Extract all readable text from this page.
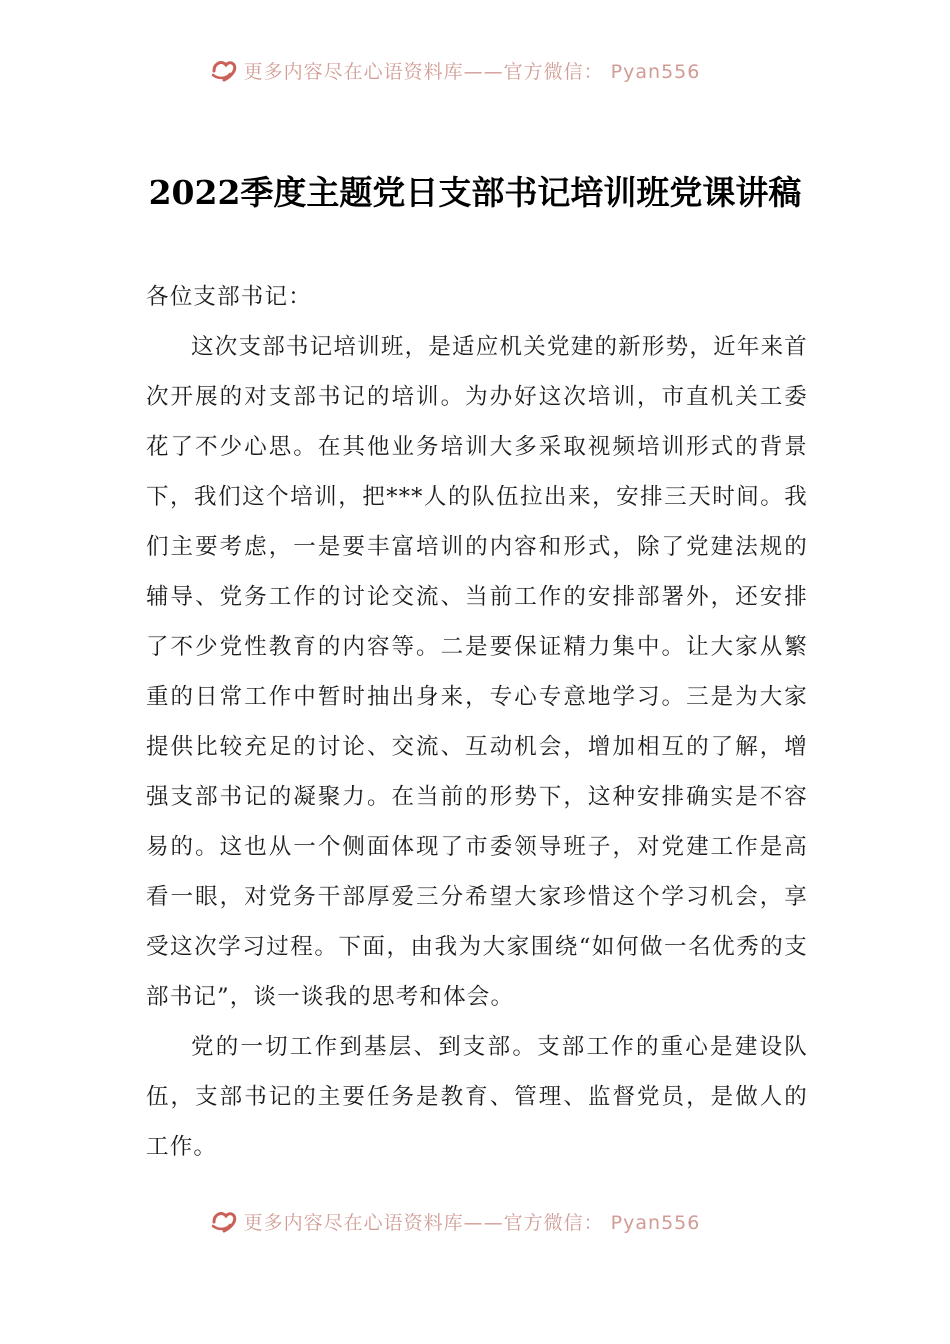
更多内容尽在心语资料库——官方微信： Pyan556
2022季度主题党日支部书记培训班党课讲稿

各位支部书记：

这次支部书记培训班，是适应机关党建的新形势，近年来首次开展的对支部书记的培训。为办好这次培训，市直机关工委花了不少心思。在其他业务培训大多采取视频培训形式的背景下，我们这个培训，把***人的队伍拉出来，安排三天时间。我们主要考虑，一是要丰富培训的内容和形式，除了党建法规的辅导、党务工作的讨论交流、当前工作的安排部署外，还安排了不少党性教育的内容等。二是要保证精力集中。让大家从繁重的日常工作中暂时抽出身来，专心专意地学习。三是为大家提供比较充足的讨论、交流、互动机会，增加相互的了解，增强支部书记的凝聚力。在当前的形势下，这种安排确实是不容易的。这也从一个侧面体现了市委领导班子，对党建工作是高看一眼，对党务干部厚爱三分希望大家珍惜这个学习机会，享受这次学习过程。下面，由我为大家围绕“如何做一名优秀的支部书记”，谈一谈我的思考和体会。

党的一切工作到基层、到支部。支部工作的重心是建设队伍，支部书记的主要任务是教育、管理、监督党员，是做人的工作。

更多内容尽在心语资料库——官方微信： Pyan556
